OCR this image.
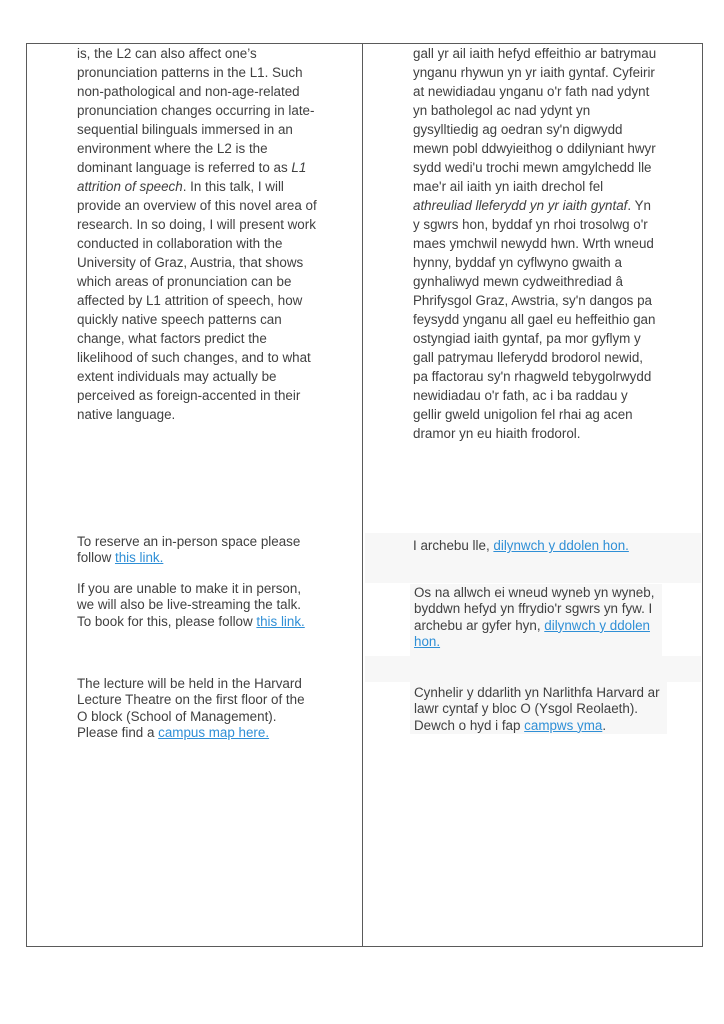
is, the L2 can also affect one’s pronunciation patterns in the L1. Such non-pathological and non-age-related pronunciation changes occurring in late-sequential bilinguals immersed in an environment where the L2 is the dominant language is referred to as L1 attrition of speech. In this talk, I will provide an overview of this novel area of research. In so doing, I will present work conducted in collaboration with the University of Graz, Austria, that shows which areas of pronunciation can be affected by L1 attrition of speech, how quickly native speech patterns can change, what factors predict the likelihood of such changes, and to what extent individuals may actually be perceived as foreign-accented in their native language.

To reserve an in-person space please follow this link.

If you are unable to make it in person, we will also be live-streaming the talk. To book for this, please follow this link.

The lecture will be held in the Harvard Lecture Theatre on the first floor of the O block (School of Management). Please find a campus map here.

gall yr ail iaith hefyd effeithio ar batrymau ynganu rhywun yn yr iaith gyntaf. Cyfeirir at newidiadau ynganu o'r fath nad ydynt yn batholegol ac nad ydynt yn gysylltiedig ag oedran sy'n digwydd mewn pobl ddwyieithog o ddilyniant hwyr sydd wedi'u trochi mewn amgylchedd lle mae'r ail iaith yn iaith drechol fel athreuliad lleferydd yn yr iaith gyntaf. Yn y sgwrs hon, byddaf yn rhoi trosolwg o'r maes ymchwil newydd hwn. Wrth wneud hynny, byddaf yn cyflwyno gwaith a gynhaliwyd mewn cydweithrediad â Phrifysgol Graz, Awstria, sy'n dangos pa feysydd ynganu all gael eu heffeithio gan ostyngiad iaith gyntaf, pa mor gyflym y gall patrymau lleferydd brodorol newid, pa ffactorau sy'n rhagweld tebygolrwydd newidiadau o'r fath, ac i ba raddau y gellir gweld unigolion fel rhai ag acen dramor yn eu hiaith frodorol.

I archebu lle, dilynwch y ddolen hon.

Os na allwch ei wneud wyneb yn wyneb, byddwn hefyd yn ffrydio'r sgwrs yn fyw. I archebu ar gyfer hyn, dilynwch y ddolen hon.

Cynhelir y ddarlith yn Narlithfa Harvard ar lawr cyntaf y bloc O (Ysgol Reolaeth). Dewch o hyd i fap campws yma.
